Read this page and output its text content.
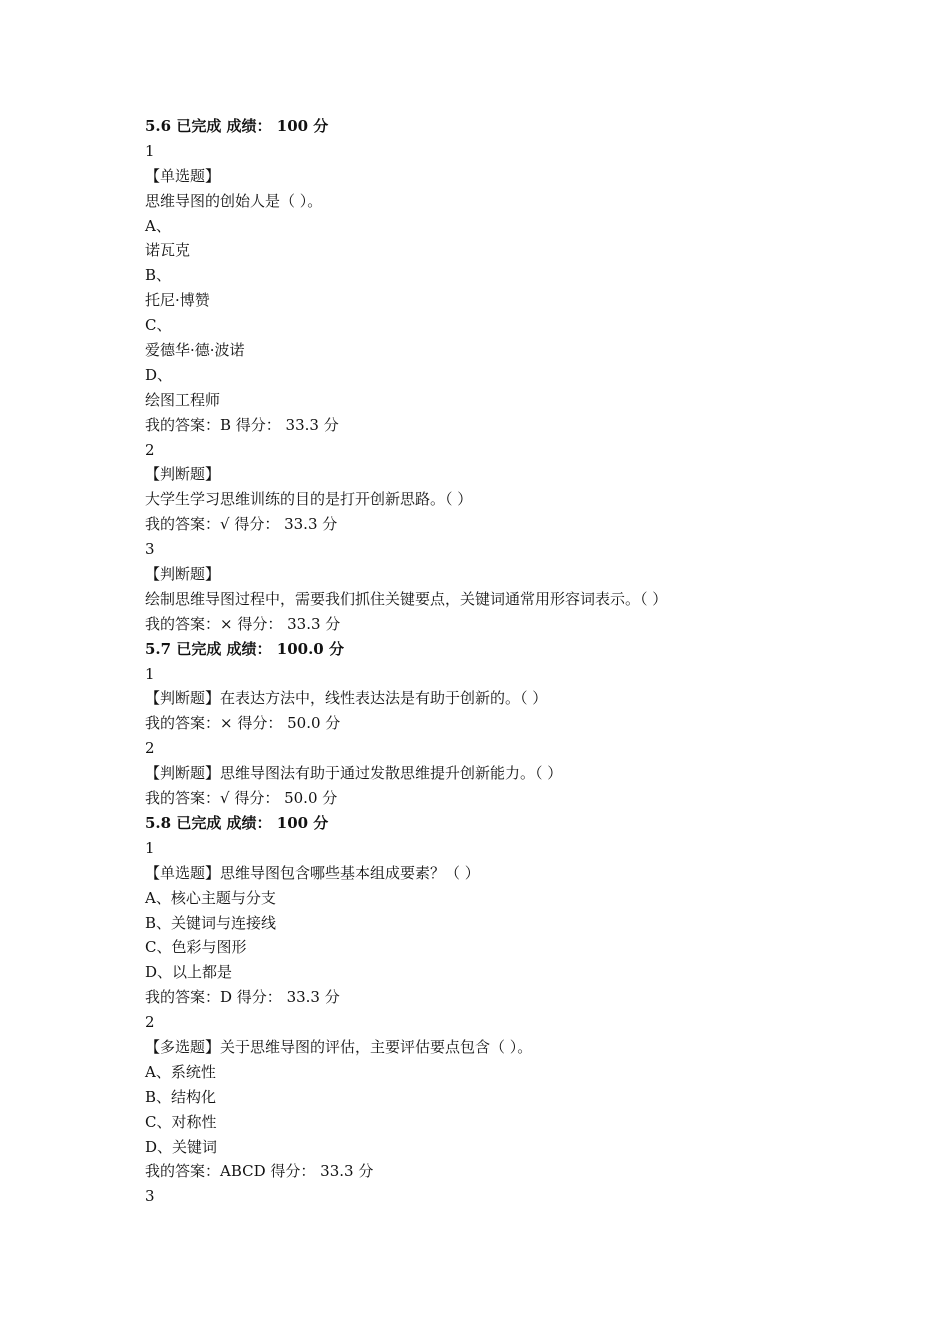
5.6 已完成 成绩： 100 分
1
【单选题】
思维导图的创始人是（ ）。
A、
诺瓦克
B、
托尼·博赞
C、
爱德华·德·波诺
D、
绘图工程师
我的答案：B 得分： 33.3 分
2
【判断题】
大学生学习思维训练的目的是打开创新思路。（ ）
我的答案：√ 得分： 33.3 分
3
【判断题】
绘制思维导图过程中，需要我们抓住关键要点，关键词通常用形容词表示。（ ）
我的答案：× 得分： 33.3 分
5.7 已完成 成绩： 100.0 分
1
【判断题】在表达方法中，线性表达法是有助于创新的。（ ）
我的答案：× 得分： 50.0 分
2
【判断题】思维导图法有助于通过发散思维提升创新能力。（ ）
我的答案：√ 得分： 50.0 分
5.8 已完成 成绩： 100 分
1
【单选题】思维导图包含哪些基本组成要素？（ ）
A、核心主题与分支
B、关键词与连接线
C、色彩与图形
D、以上都是
我的答案：D 得分： 33.3 分
2
【多选题】关于思维导图的评估，主要评估要点包含（ ）。
A、系统性
B、结构化
C、对称性
D、关键词
我的答案：ABCD 得分： 33.3 分
3
